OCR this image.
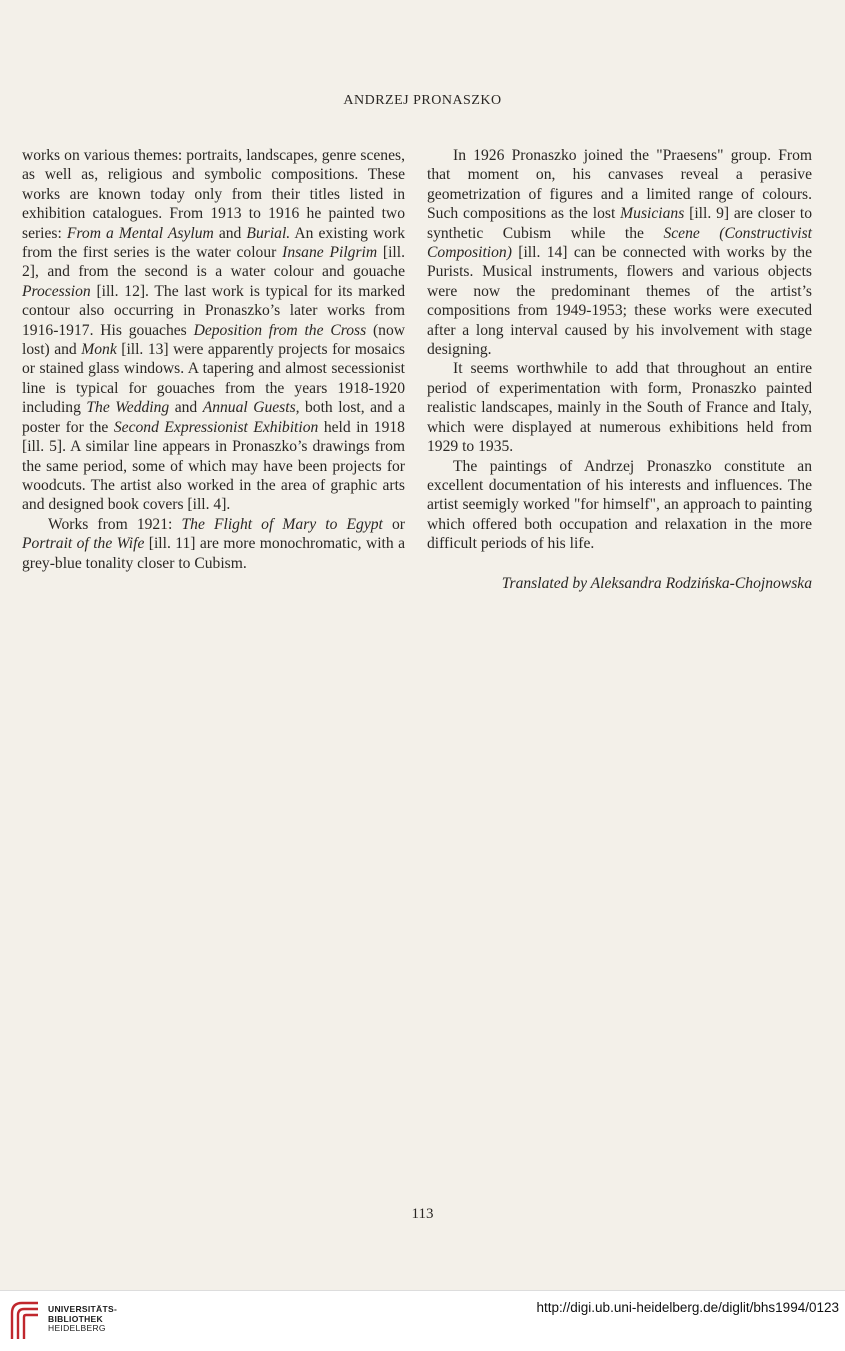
ANDRZEJ PRONASZKO

works on various themes: portraits, landscapes, genre scenes, as well as, religious and symbolic compositions. These works are known today only from their titles listed in exhibition catalogues. From 1913 to 1916 he painted two series: From a Mental Asylum and Burial. An existing work from the first series is the water colour Insane Pilgrim [ill. 2], and from the second is a water colour and gouache Procession [ill. 12]. The last work is typical for its marked contour also occurring in Pronaszko’s later works from 1916-1917. His gouaches Deposition from the Cross (now lost) and Monk [ill. 13] were apparently projects for mosaics or stained glass windows. A tapering and almost secessionist line is typical for gouaches from the years 1918-1920 including The Wedding and Annual Guests, both lost, and a poster for the Second Expressionist Exhibition held in 1918 [ill. 5]. A similar line appears in Pronaszko’s drawings from the same period, some of which may have been projects for woodcuts. The artist also worked in the area of graphic arts and designed book covers [ill. 4].

Works from 1921: The Flight of Mary to Egypt or Portrait of the Wife [ill. 11] are more monochromatic, with a grey-blue tonality closer to Cubism.

In 1926 Pronaszko joined the "Praesens" group. From that moment on, his canvases reveal a perasive geometrization of figures and a limited range of colours. Such compositions as the lost Musicians [ill. 9] are closer to synthetic Cubism while the Scene (Constructivist Composition) [ill. 14] can be connected with works by the Purists. Musical instruments, flowers and various objects were now the predominant themes of the artist’s compositions from 1949-1953; these works were executed after a long interval caused by his involvement with stage designing.

It seems worthwhile to add that throughout an entire period of experimentation with form, Pronaszko painted realistic landscapes, mainly in the South of France and Italy, which were displayed at numerous exhibitions held from 1929 to 1935.

The paintings of Andrzej Pronaszko constitute an excellent documentation of his interests and influences. The artist seemigly worked "for himself", an approach to painting which offered both occupation and relaxation in the more difficult periods of his life.

Translated by Aleksandra Rodzińska-Chojnowska
113
UNIVERSITÄTS-
BIBLIOTHEK
HEIDELBERG
http://digi.ub.uni-heidelberg.de/diglit/bhs1994/0123
